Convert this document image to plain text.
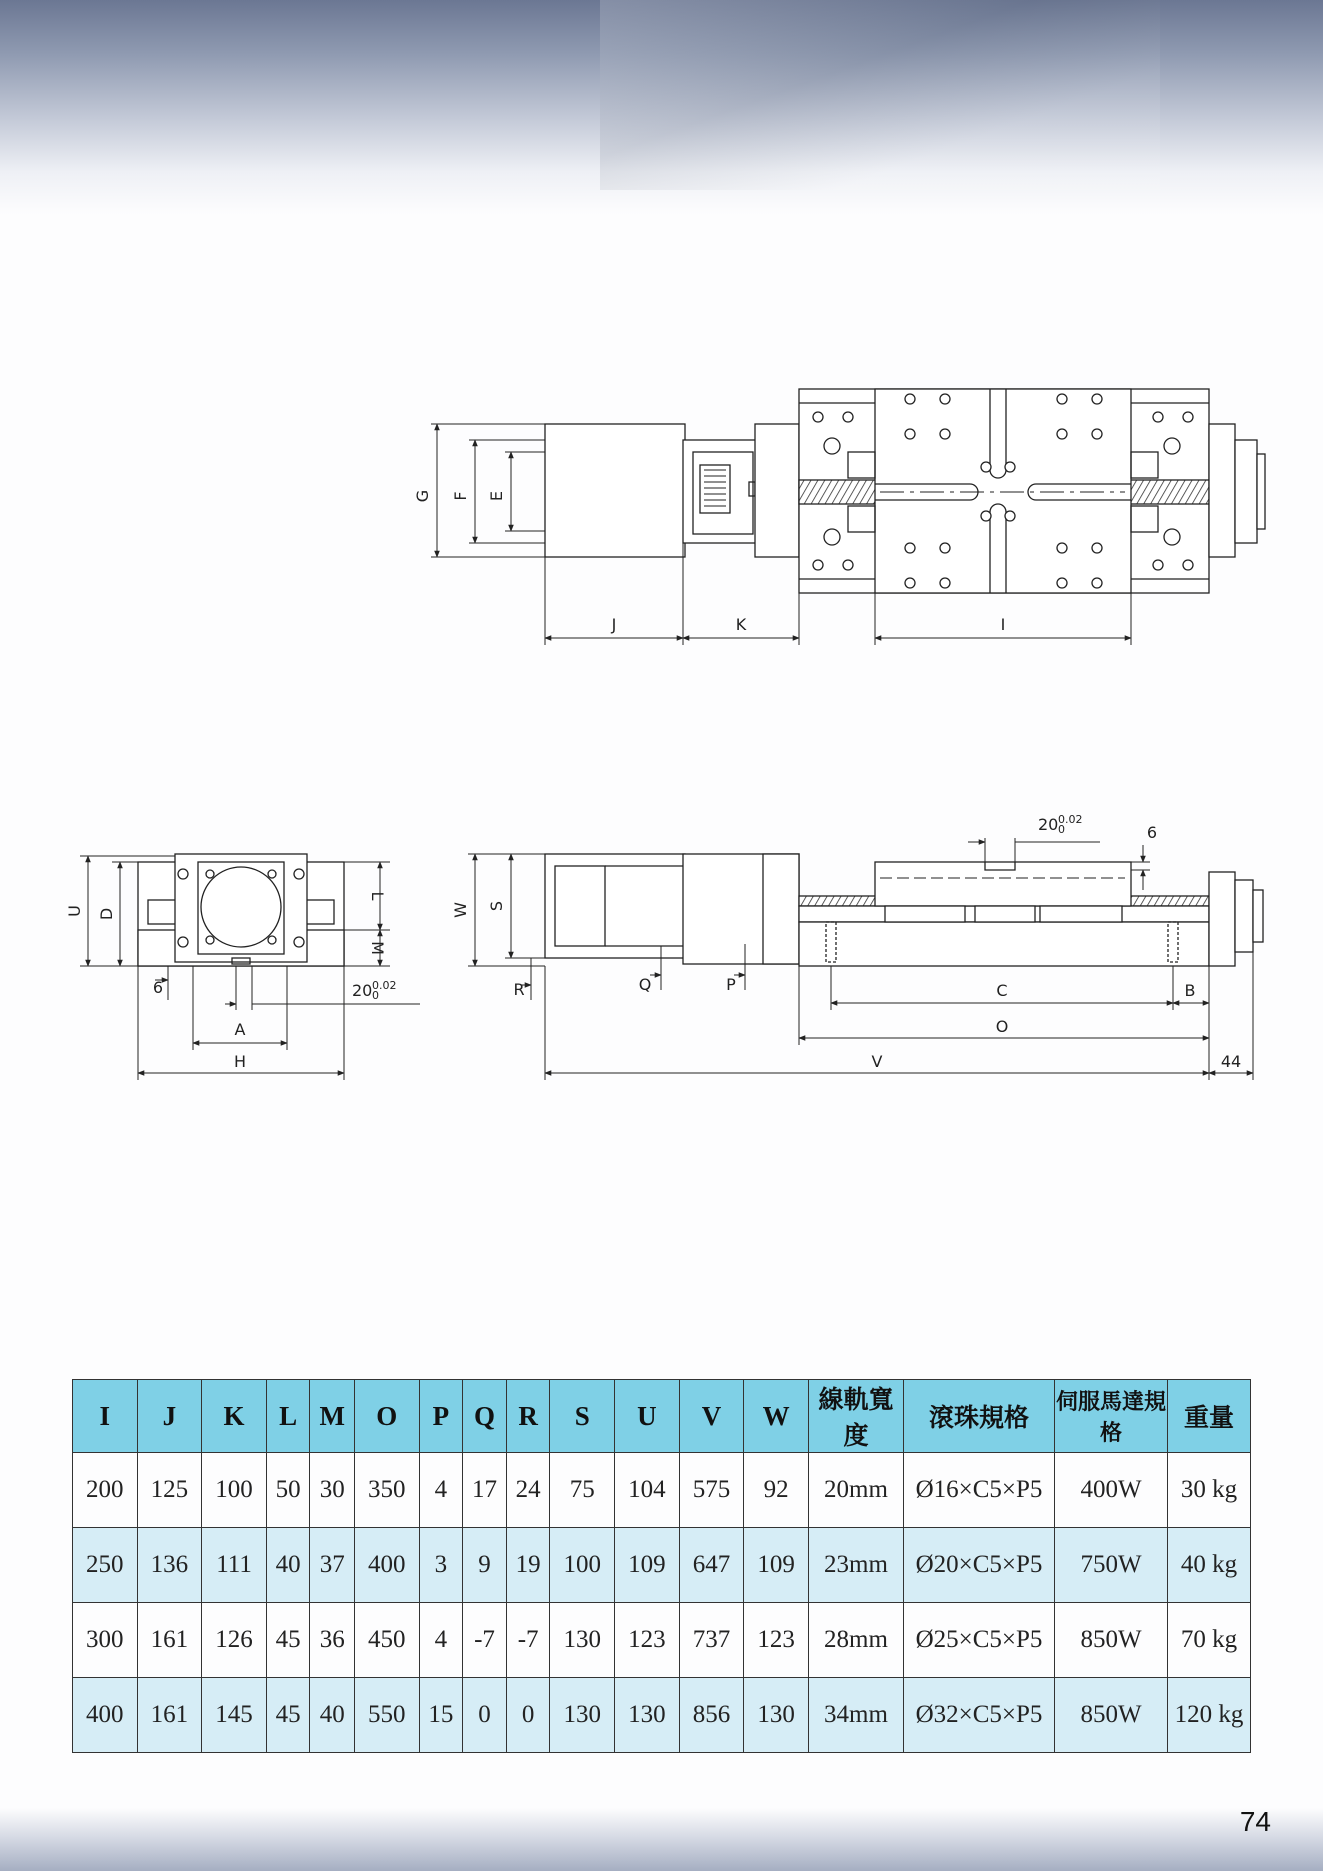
G F E
J	K	I
U D
L
M
6
A
H
20 0.02
0
W S
R	Q	P	C	B
O
V	44
6
20 0.02
0
I	J	K	L	M	O	P	Q	R	S	U	V	W	線軌寬度	滾珠規格	伺服馬達規格	重量
200	125	100	50	30	350	4	17	24	75	104	575	92	20mm	Ø16×C5×P5	400W	30 kg
250	136	111	40	37	400	3	9	19	100	109	647	109	23mm	Ø20×C5×P5	750W	40 kg
300	161	126	45	36	450	4	-7	-7	130	123	737	123	28mm	Ø25×C5×P5	850W	70 kg
400	161	145	45	40	550	15	0	0	130	130	856	130	34mm	Ø32×C5×P5	850W	120 kg
74
